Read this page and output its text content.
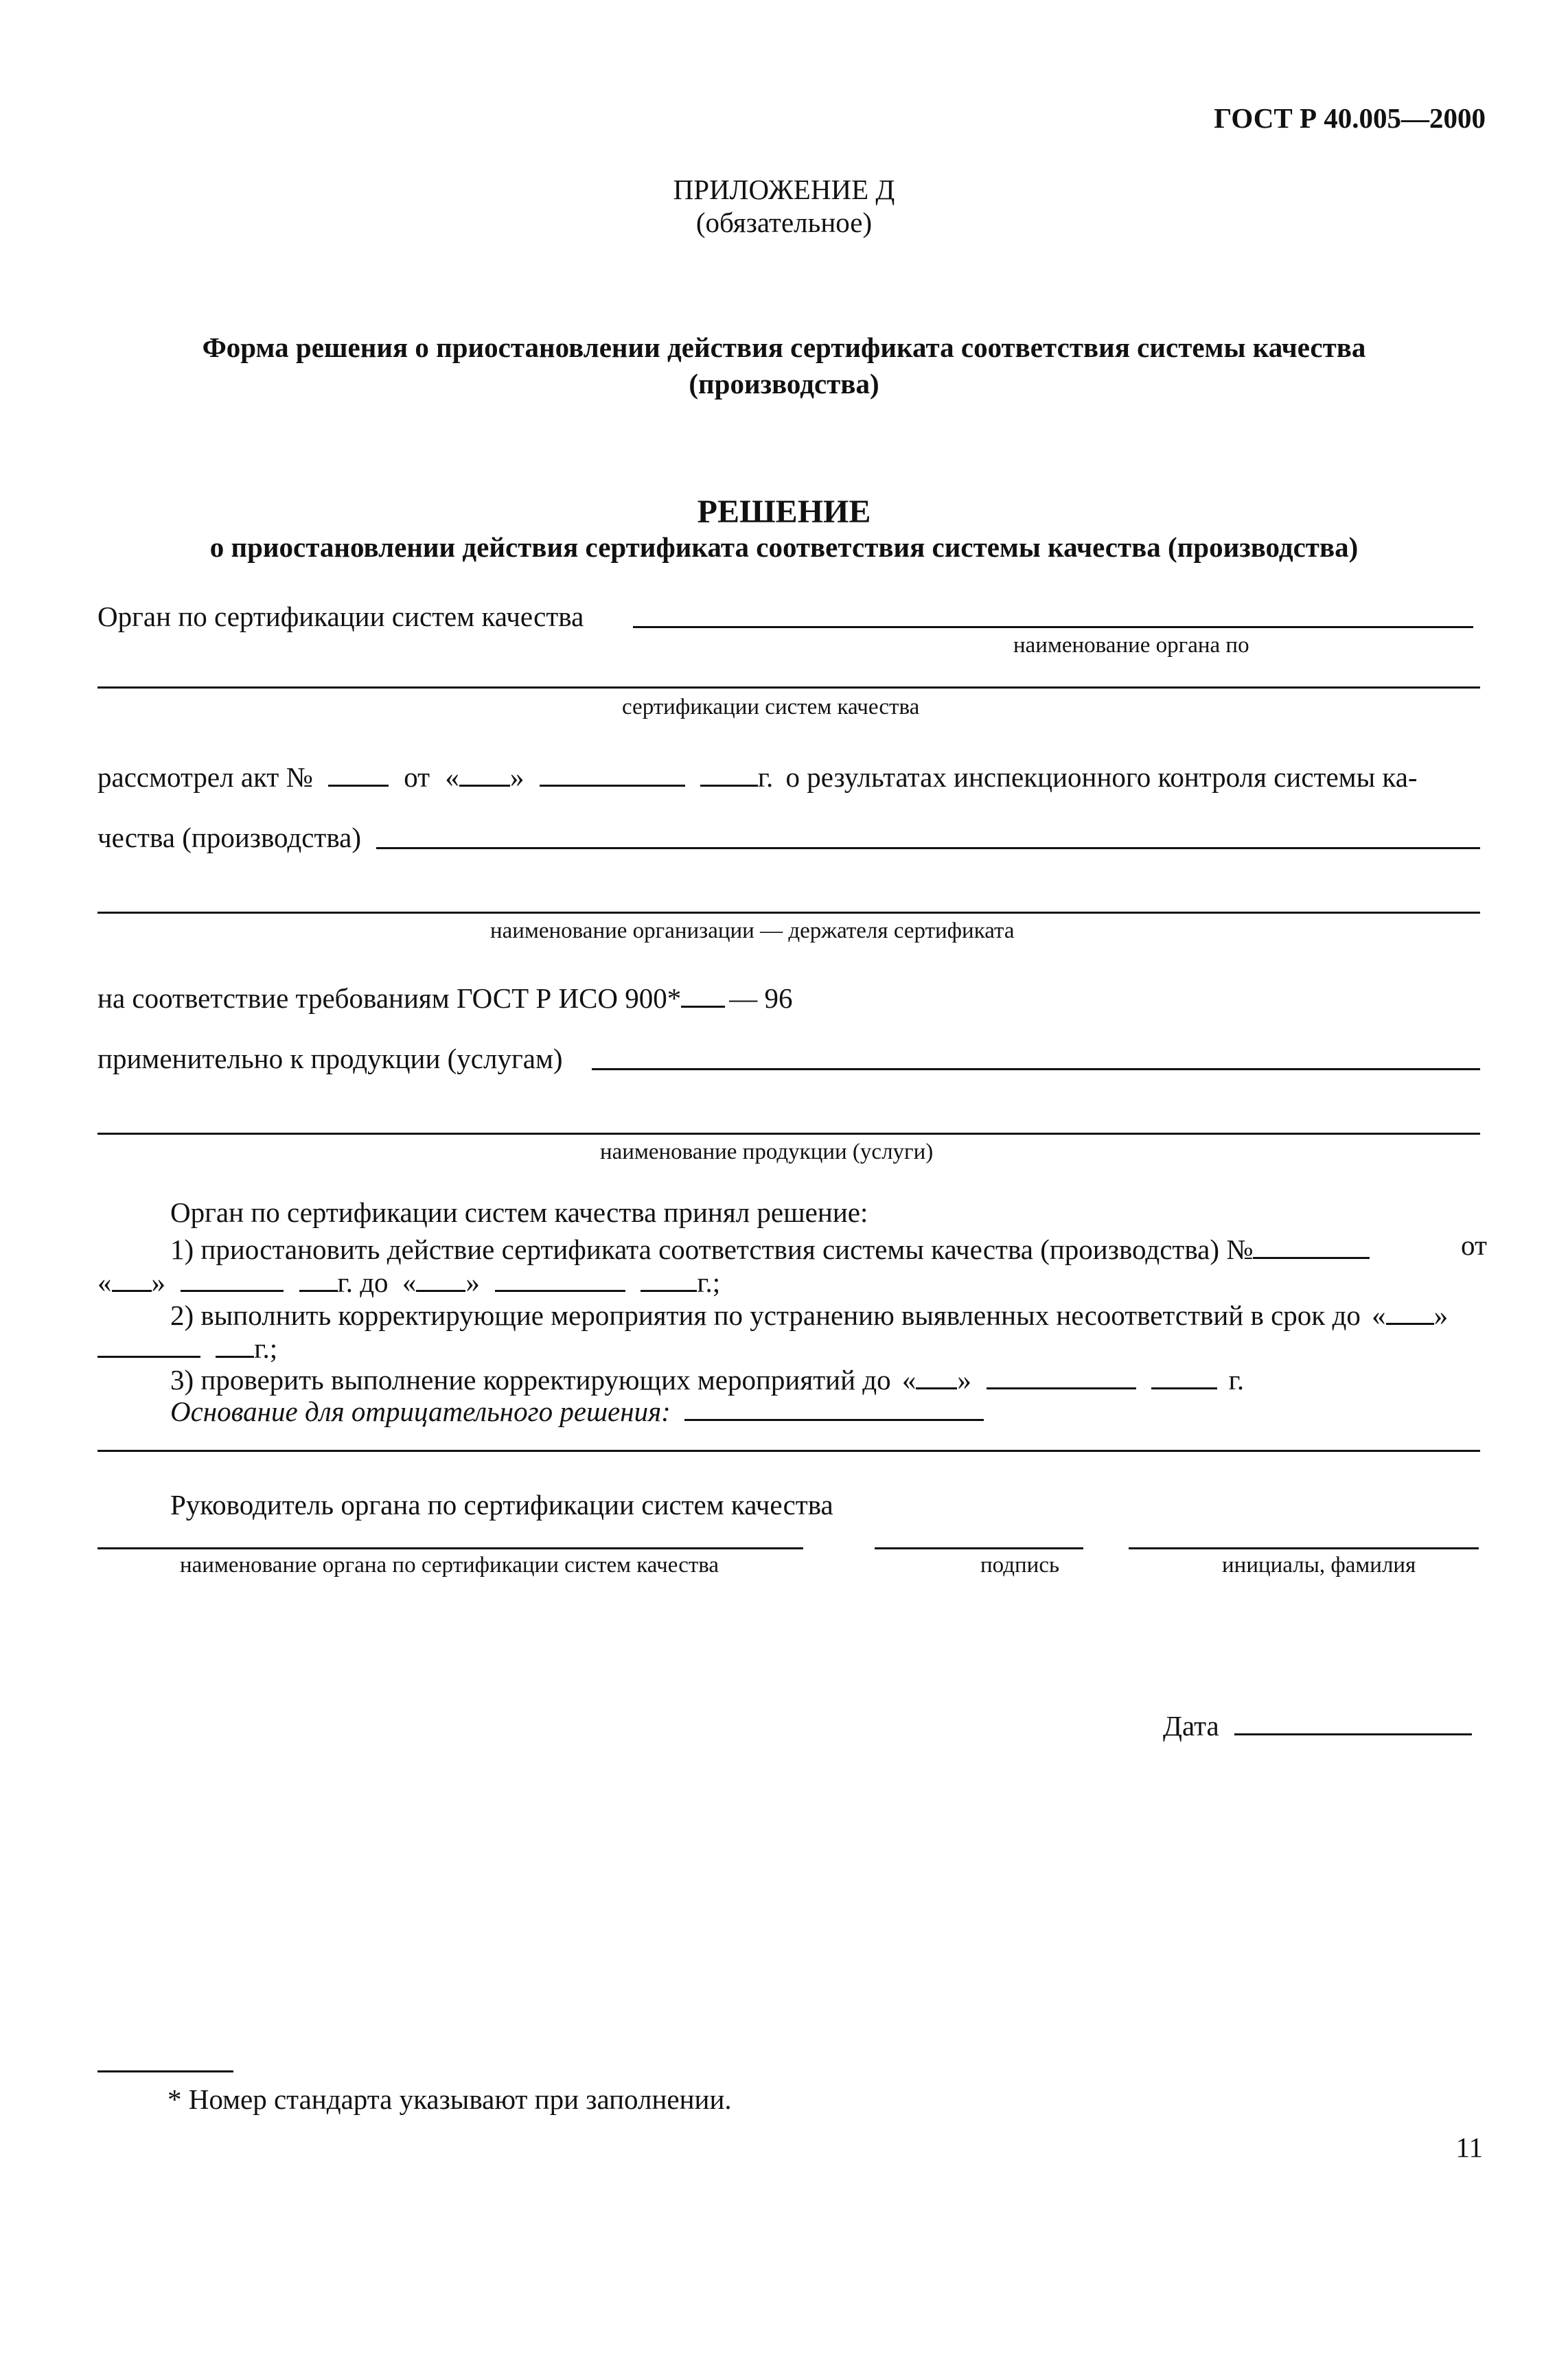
ГОСТ Р 40.005—2000
ПРИЛОЖЕНИЕ Д
(обязательное)
Форма решения о приостановлении действия сертификата соответствия системы качества
(производства)
РЕШЕНИЕ
о приостановлении действия сертификата соответствия системы качества (производства)
Орган по сертификации систем качества
наименование органа по
сертификации систем качества
рассмотрел акт №	от « »	г. о результатах инспекционного контроля системы ка-
чества (производства)
наименование организации — держателя сертификата
на соответствие требованиям ГОСТ Р ИСО 900* — 96
применительно к продукции (услугам)
наименование продукции (услуги)
Орган по сертификации систем качества принял решение:
1) приостановить действие сертификата соответствия системы качества (производства) №	от
« »	г. до « »	г.;
2) выполнить корректирующие мероприятия по устранению выявленных несоответствий в срок до « »
г.;
3) проверить выполнение корректирующих мероприятий до « »	г.
Основание для отрицательного решения:
Руководитель органа по сертификации систем качества
наименование органа по сертификации систем качества	подпись	инициалы, фамилия
Дата
* Номер стандарта указывают при заполнении.
11
